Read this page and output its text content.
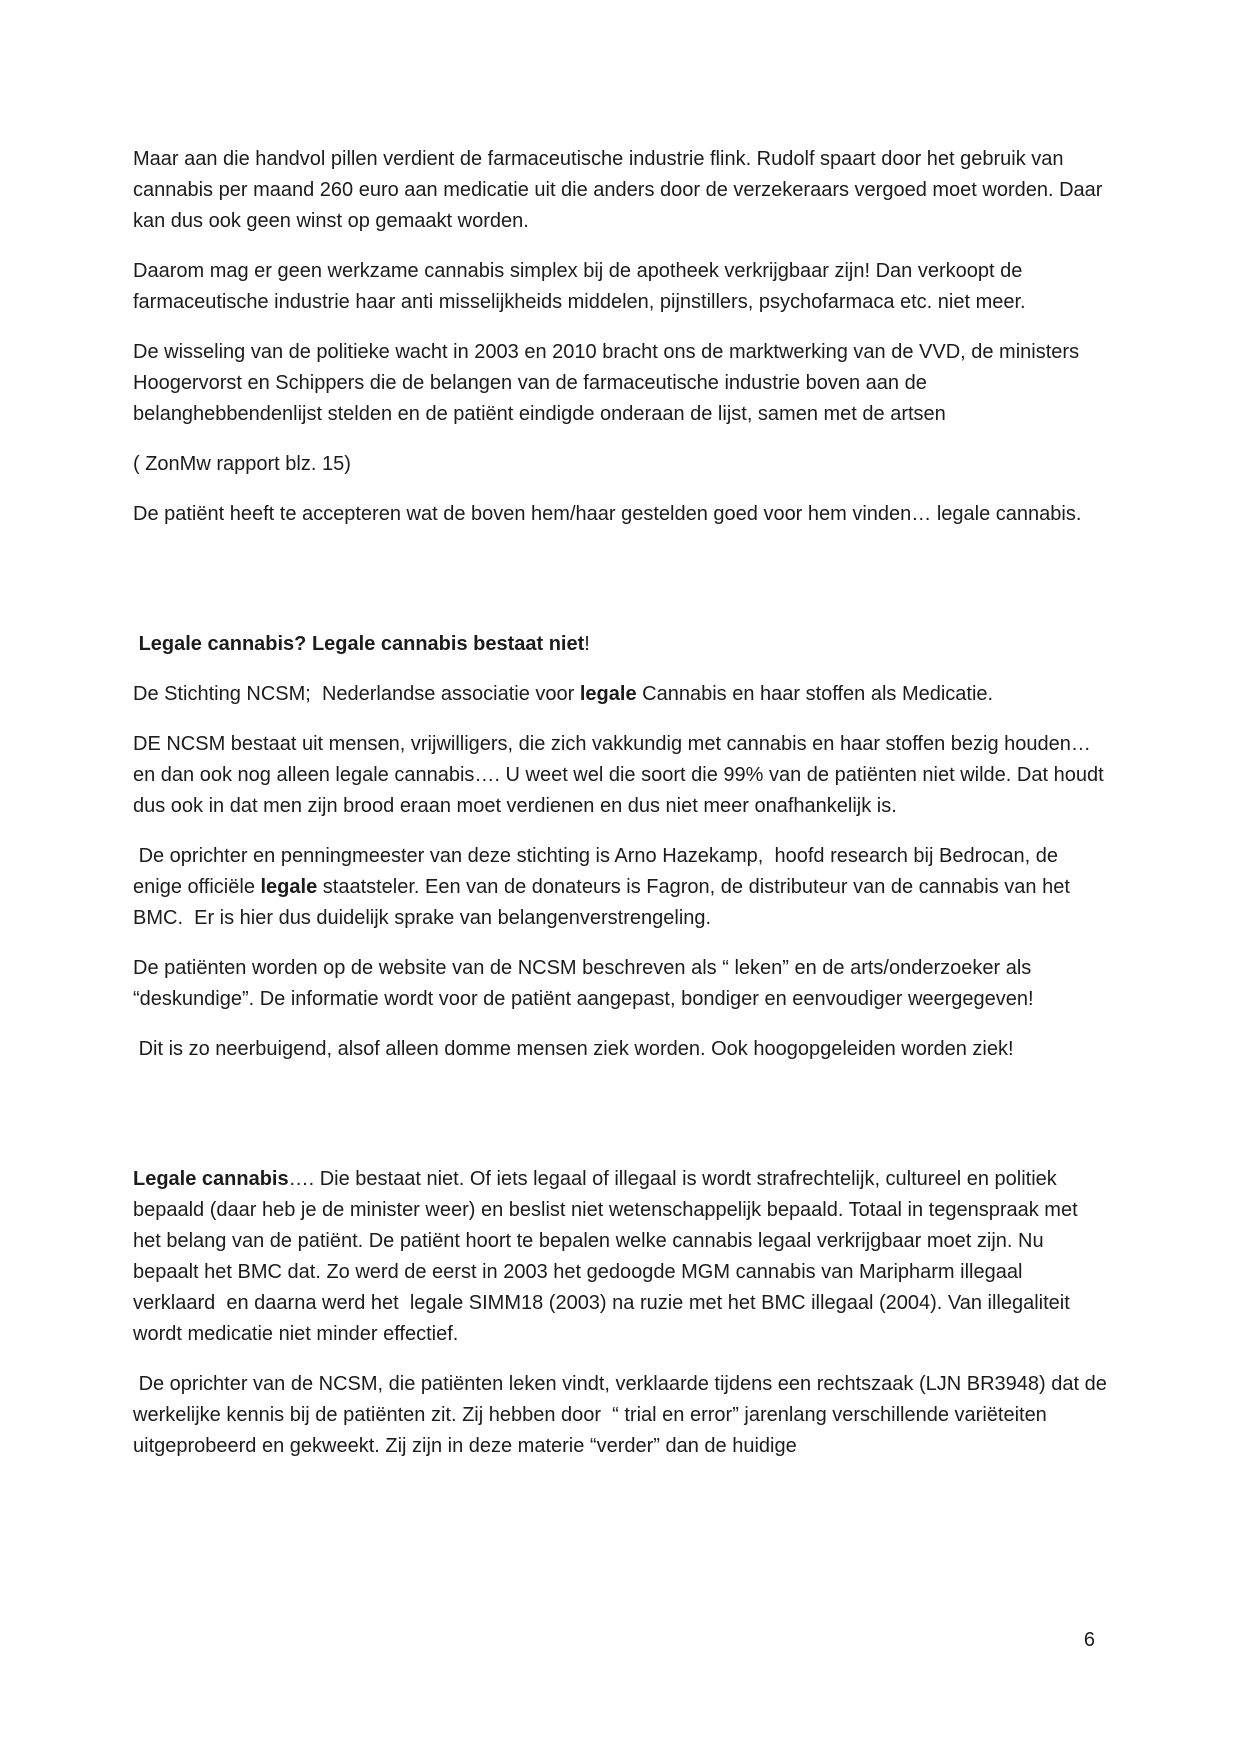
Maar aan die handvol pillen verdient de farmaceutische industrie flink. Rudolf spaart door het gebruik van cannabis per maand 260 euro aan medicatie uit die anders door de verzekeraars vergoed moet worden. Daar kan dus ook geen winst op gemaakt worden.

Daarom mag er geen werkzame cannabis simplex bij de apotheek verkrijgbaar zijn! Dan verkoopt de farmaceutische industrie haar anti misselijkheids middelen, pijnstillers, psychofarmaca etc. niet meer.

De wisseling van de politieke wacht in 2003 en 2010 bracht ons de marktwerking van de VVD, de ministers Hoogervorst en Schippers die de belangen van de farmaceutische industrie boven aan de belanghebbendenlijst stelden en de patiënt eindigde onderaan de lijst, samen met de artsen

( ZonMw rapport blz. 15)

De patiënt heeft te accepteren wat de boven hem/haar gestelden goed voor hem vinden… legale cannabis.

Legale cannabis? Legale cannabis bestaat niet!

De Stichting NCSM;  Nederlandse associatie voor legale Cannabis en haar stoffen als Medicatie.

DE NCSM bestaat uit mensen, vrijwilligers, die zich vakkundig met cannabis en haar stoffen bezig houden…en dan ook nog alleen legale cannabis…. U weet wel die soort die 99% van de patiënten niet wilde. Dat houdt dus ook in dat men zijn brood eraan moet verdienen en dus niet meer onafhankelijk is.

De oprichter en penningmeester van deze stichting is Arno Hazekamp,  hoofd research bij Bedrocan, de enige officiële legale staatsteler. Een van de donateurs is Fagron, de distributeur van de cannabis van het BMC.  Er is hier dus duidelijk sprake van belangenverstrengeling.

De patiënten worden op de website van de NCSM beschreven als “ leken” en de arts/onderzoeker als “deskundige”. De informatie wordt voor de patiënt aangepast, bondiger en eenvoudiger weergegeven!

Dit is zo neerbuigend, alsof alleen domme mensen ziek worden. Ook hoogopgeleiden worden ziek!

Legale cannabis…. Die bestaat niet. Of iets legaal of illegaal is wordt strafrechtelijk, cultureel en politiek bepaald (daar heb je de minister weer) en beslist niet wetenschappelijk bepaald. Totaal in tegenspraak met het belang van de patiënt. De patiënt hoort te bepalen welke cannabis legaal verkrijgbaar moet zijn. Nu bepaalt het BMC dat. Zo werd de eerst in 2003 het gedoogde MGM cannabis van Maripharm illegaal verklaard  en daarna werd het  legale SIMM18 (2003) na ruzie met het BMC illegaal (2004). Van illegaliteit wordt medicatie niet minder effectief.

De oprichter van de NCSM, die patiënten leken vindt, verklaarde tijdens een rechtszaak (LJN BR3948) dat de werkelijke kennis bij de patiënten zit. Zij hebben door  “ trial en error” jarenlang verschillende variëteiten uitgeprobeerd en gekweekt. Zij zijn in deze materie “verder” dan de huidige

6
